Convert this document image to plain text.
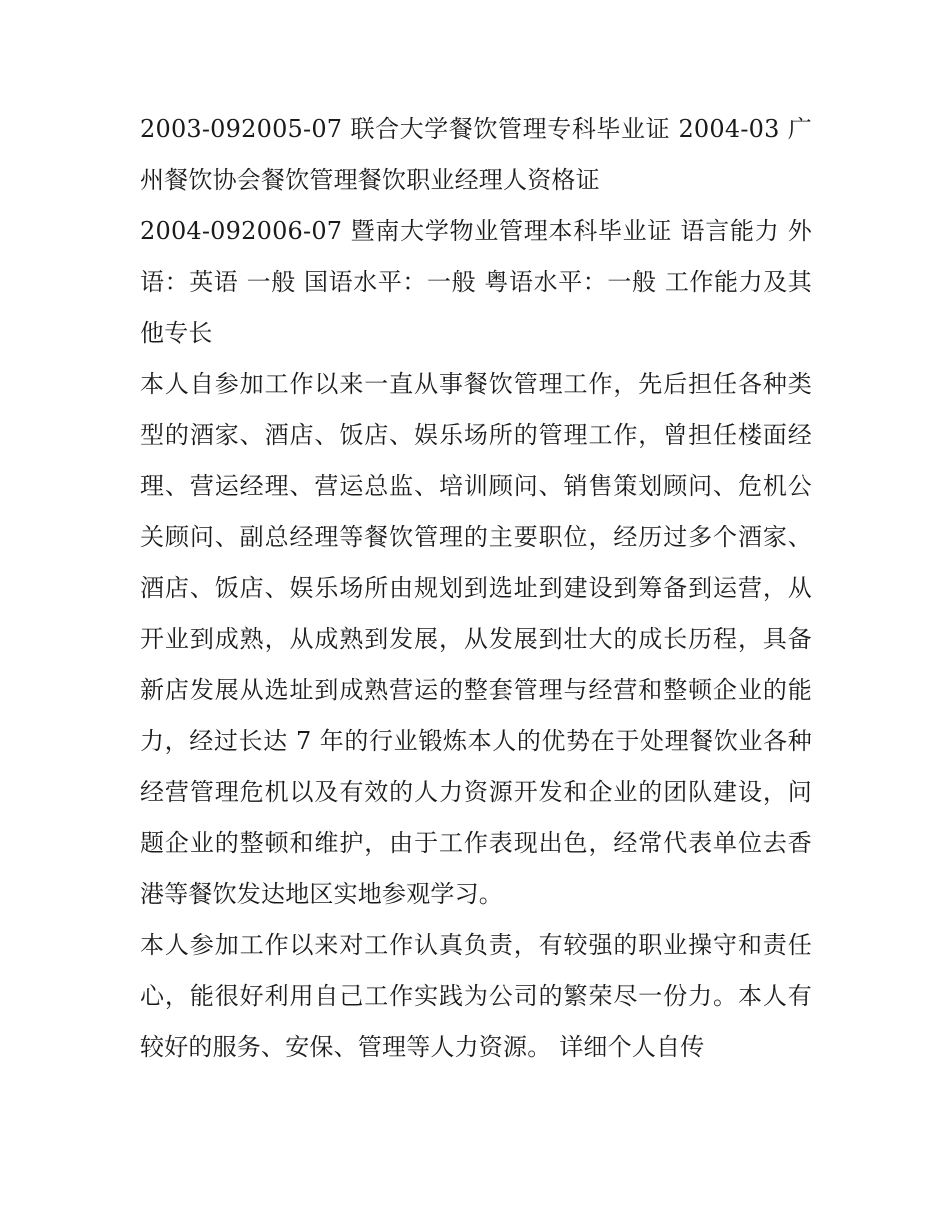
2003-092005-07 联合大学餐饮管理专科毕业证 2004-03 广州餐饮协会餐饮管理餐饮职业经理人资格证

2004-092006-07 暨南大学物业管理本科毕业证 语言能力 外语：英语 一般 国语水平：一般 粤语水平：一般 工作能力及其他专长

本人自参加工作以来一直从事餐饮管理工作，先后担任各种类型的酒家、酒店、饭店、娱乐场所的管理工作，曾担任楼面经理、营运经理、营运总监、培训顾问、销售策划顾问、危机公关顾问、副总经理等餐饮管理的主要职位，经历过多个酒家、酒店、饭店、娱乐场所由规划到选址到建设到筹备到运营，从开业到成熟，从成熟到发展，从发展到壮大的成长历程，具备新店发展从选址到成熟营运的整套管理与经营和整顿企业的能力，经过长达 7 年的行业锻炼本人的优势在于处理餐饮业各种经营管理危机以及有效的人力资源开发和企业的团队建设，问题企业的整顿和维护，由于工作表现出色，经常代表单位去香港等餐饮发达地区实地参观学习。

本人参加工作以来对工作认真负责，有较强的职业操守和责任心，能很好利用自己工作实践为公司的繁荣尽一份力。本人有较好的服务、安保、管理等人力资源。 详细个人自传
